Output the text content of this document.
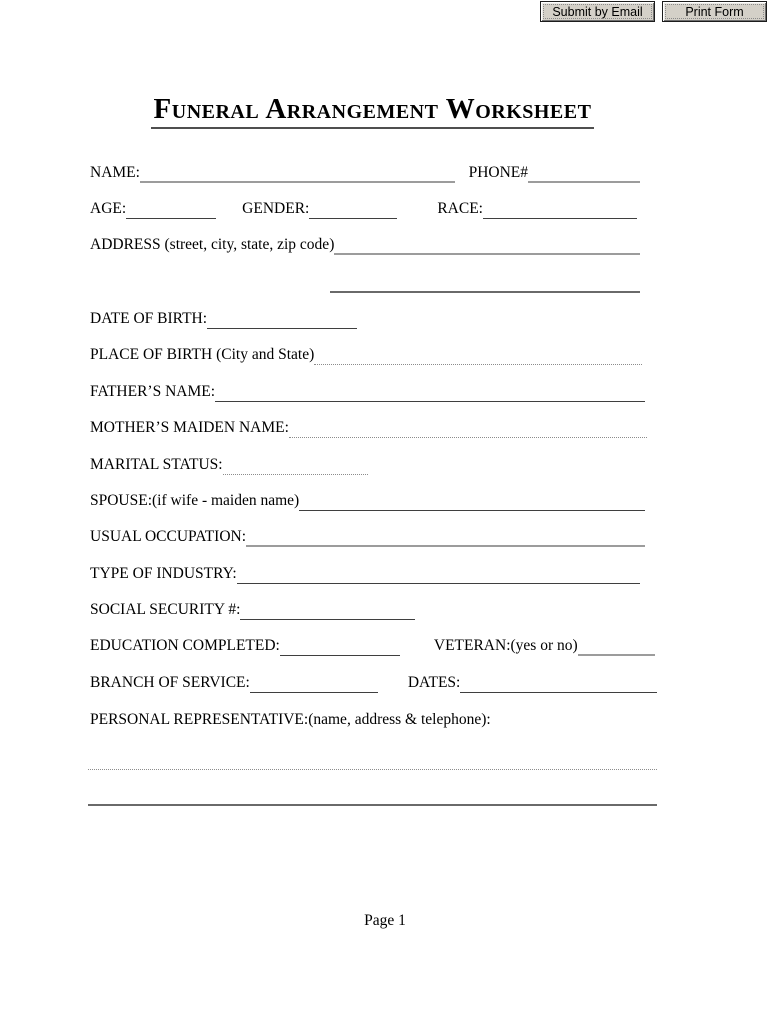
Submit by Email	Print Form
Funeral Arrangement Worksheet
NAME:	PHONE#
AGE:	GENDER:	RACE:
ADDRESS (street, city, state, zip code)
DATE OF BIRTH:
PLACE OF BIRTH (City and State)
FATHER’S NAME:
MOTHER’S MAIDEN NAME:
MARITAL STATUS:
SPOUSE:(if wife - maiden name)
USUAL OCCUPATION:
TYPE OF INDUSTRY:
SOCIAL SECURITY #:
EDUCATION COMPLETED:	VETERAN:(yes or no)
BRANCH OF SERVICE:	DATES:
PERSONAL REPRESENTATIVE:(name, address & telephone):
Page 1
